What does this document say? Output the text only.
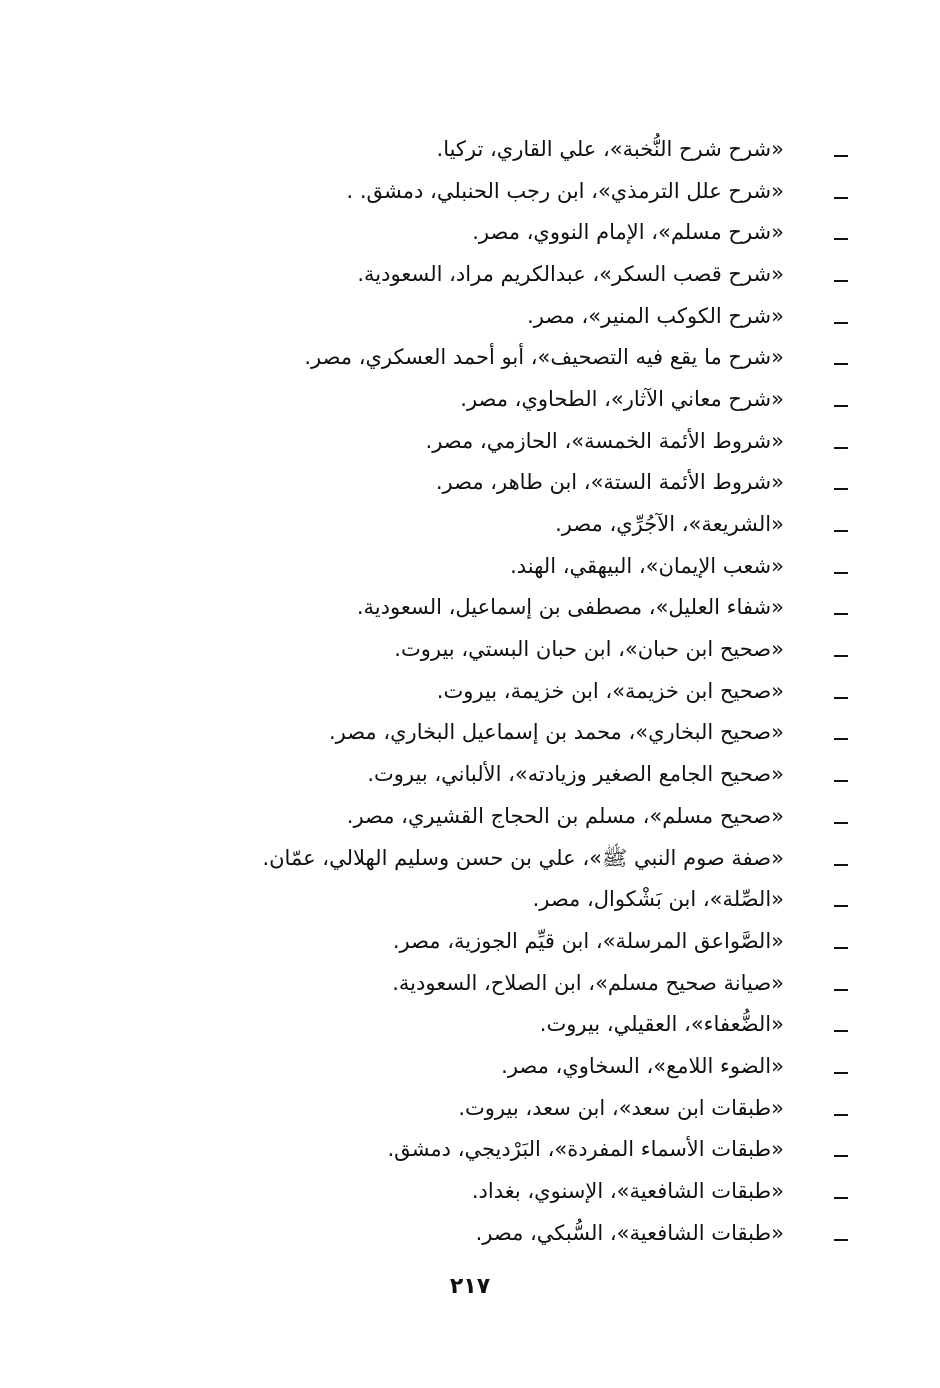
«شرح شرح النُّخبة»، علي القاري، تركيا.
«شرح علل الترمذي»، ابن رجب الحنبلي، دمشق. .
«شرح مسلم»، الإمام النووي، مصر.
«شرح قصب السكر»، عبدالكريم مراد، السعودية.
«شرح الكوكب المنير»، مصر.
«شرح ما يقع فيه التصحيف»، أبو أحمد العسكري، مصر.
«شرح معاني الآثار»، الطحاوي، مصر.
«شروط الأئمة الخمسة»، الحازمي، مصر.
«شروط الأئمة الستة»، ابن طاهر، مصر.
«الشريعة»، الآجُرِّي، مصر.
«شعب الإيمان»، البيهقي، الهند.
«شفاء العليل»، مصطفى بن إسماعيل، السعودية.
«صحيح ابن حبان»، ابن حبان البستي، بيروت.
«صحيح ابن خزيمة»، ابن خزيمة، بيروت.
«صحيح البخاري»، محمد بن إسماعيل البخاري، مصر.
«صحيح الجامع الصغير وزيادته»، الألباني، بيروت.
«صحيح مسلم»، مسلم بن الحجاج القشيري، مصر.
«صفة صوم النبي ﷺ»، علي بن حسن وسليم الهلالي، عمّان.
«الصِّلة»، ابن بَشْكوال، مصر.
«الصَّواعق المرسلة»، ابن قيِّم الجوزية، مصر.
«صيانة صحيح مسلم»، ابن الصلاح، السعودية.
«الضُّعفاء»، العقيلي، بيروت.
«الضوء اللامع»، السخاوي، مصر.
«طبقات ابن سعد»، ابن سعد، بيروت.
«طبقات الأسماء المفردة»، البَرْديجي، دمشق.
«طبقات الشافعية»، الإسنوي، بغداد.
«طبقات الشافعية»، السُّبكي، مصر.
٢١٧
